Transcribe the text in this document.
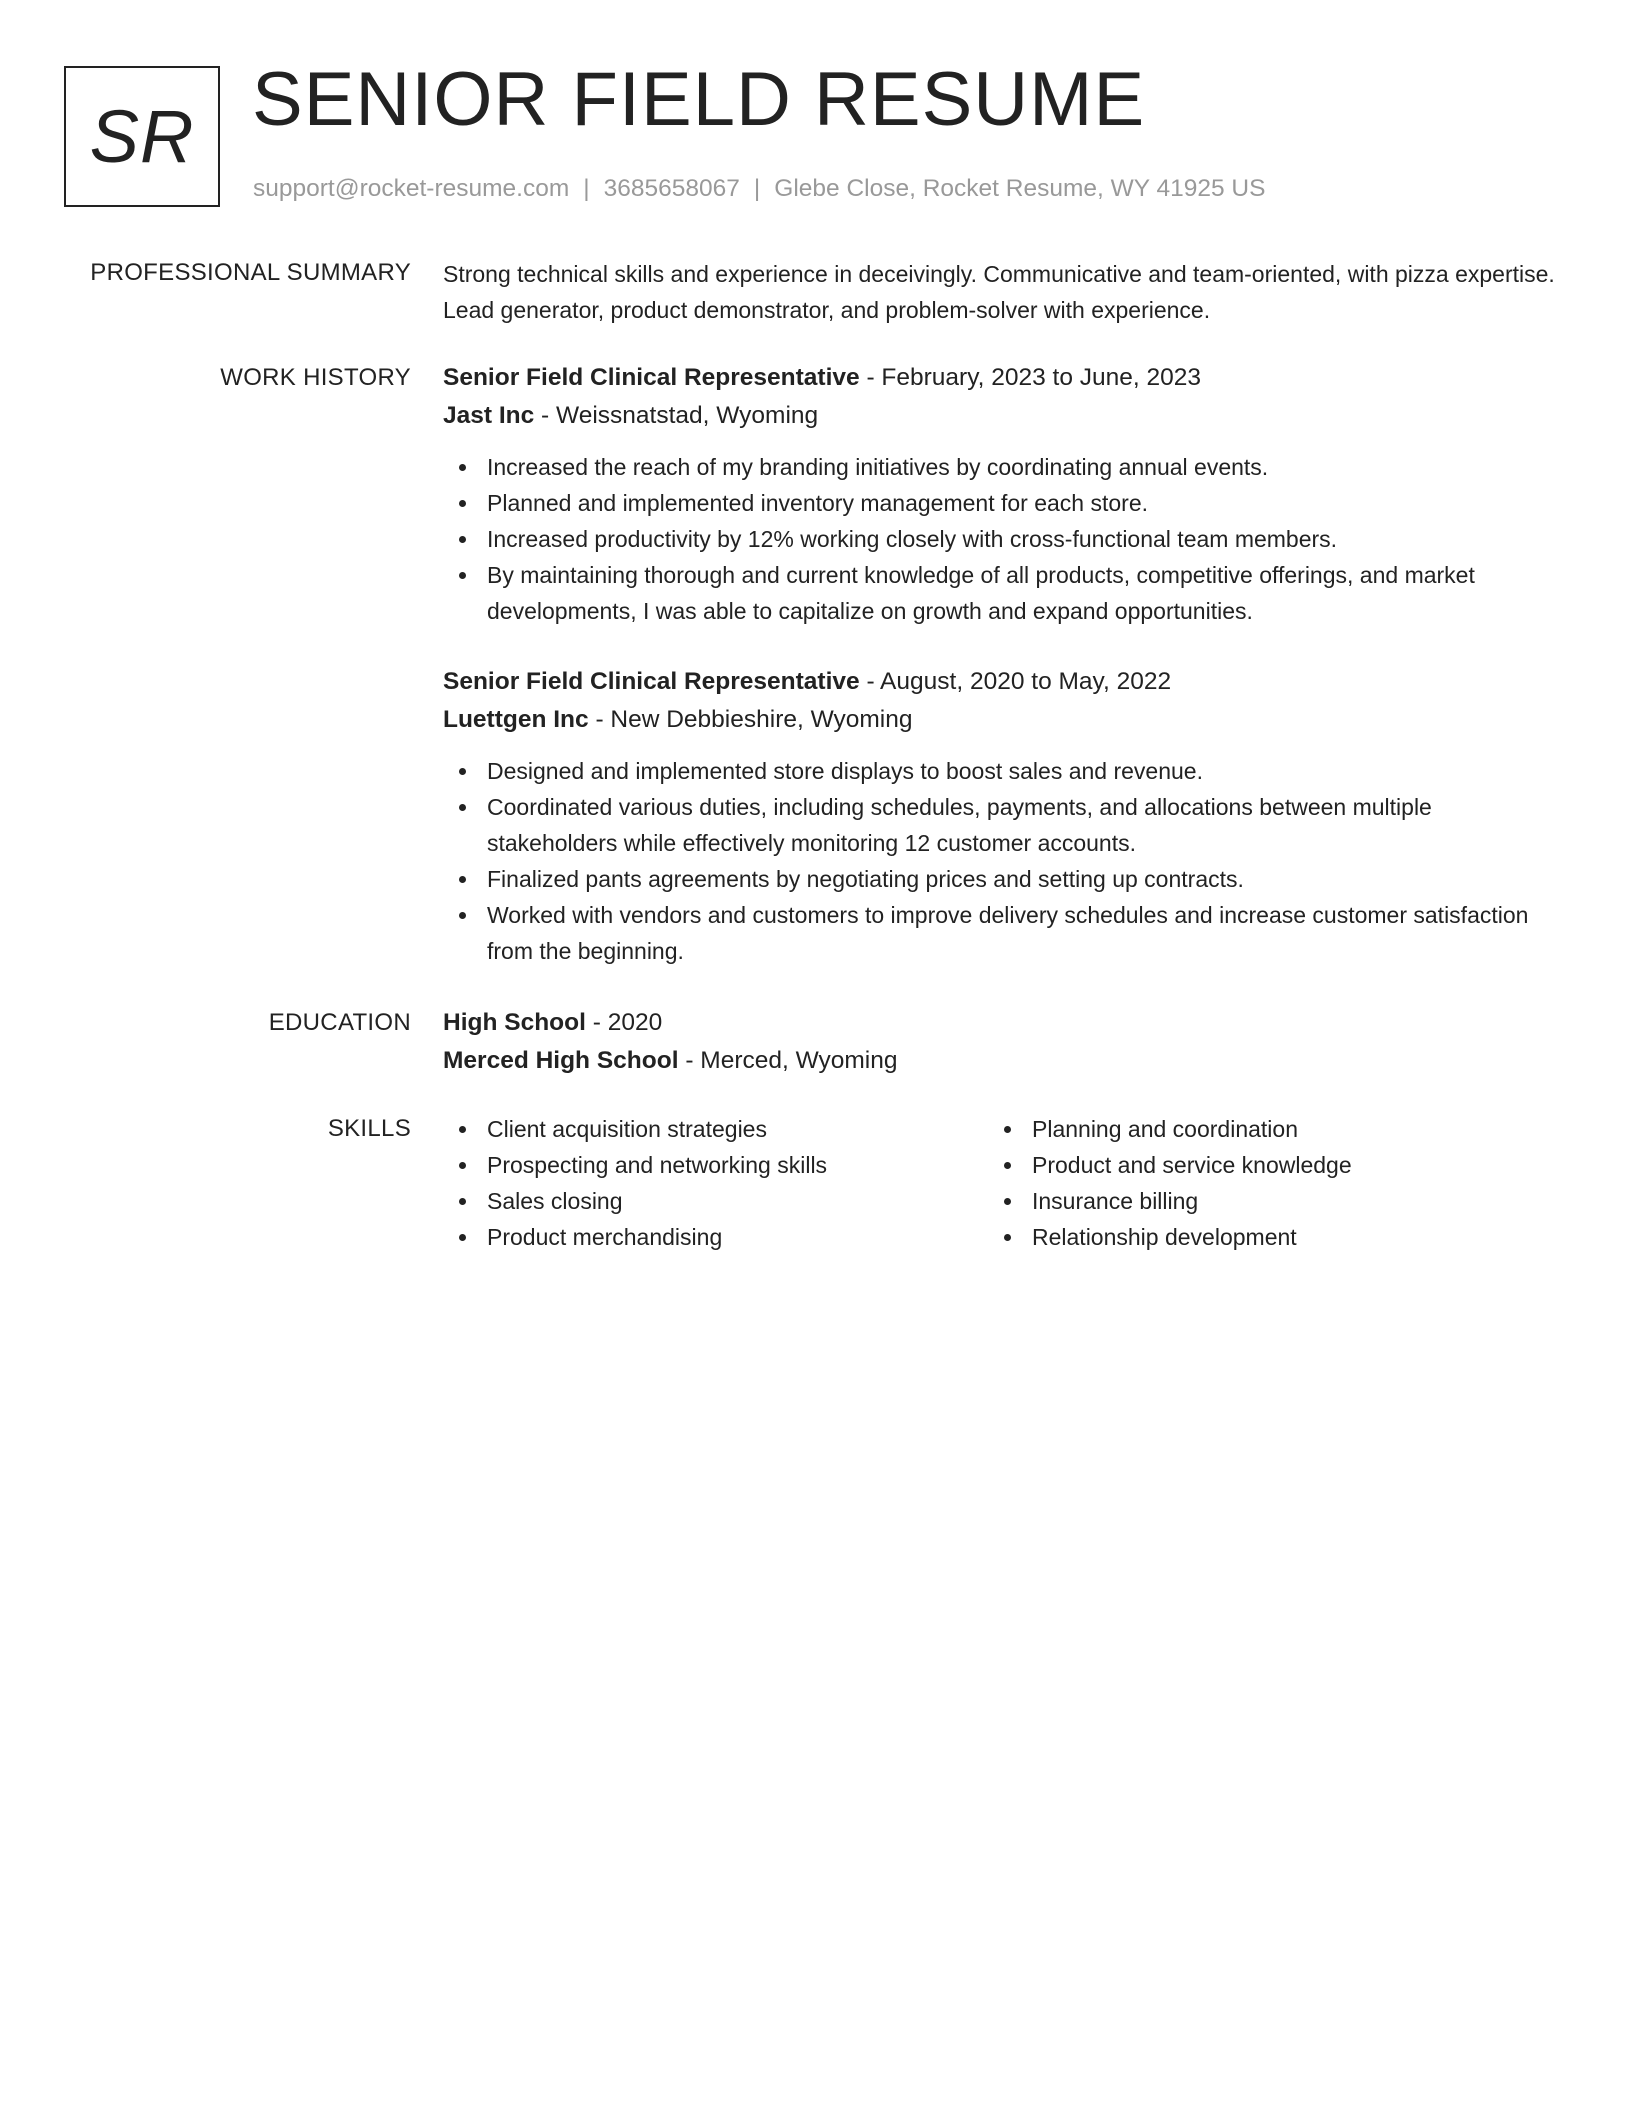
SR SENIOR FIELD RESUME
support@rocket-resume.com | 3685658067 | Glebe Close, Rocket Resume, WY 41925 US
PROFESSIONAL SUMMARY Strong technical skills and experience in deceivingly. Communicative and team-oriented, with pizza expertise. Lead generator, product demonstrator, and problem-solver with experience.

WORK HISTORY Senior Field Clinical Representative - February, 2023 to June, 2023
Jast Inc - Weissnatstad, Wyoming
Increased the reach of my branding initiatives by coordinating annual events.
Planned and implemented inventory management for each store.
Increased productivity by 12% working closely with cross-functional team members.
By maintaining thorough and current knowledge of all products, competitive offerings, and market developments, I was able to capitalize on growth and expand opportunities.
Senior Field Clinical Representative - August, 2020 to May, 2022
Luettgen Inc - New Debbieshire, Wyoming
Designed and implemented store displays to boost sales and revenue.
Coordinated various duties, including schedules, payments, and allocations between multiple stakeholders while effectively monitoring 12 customer accounts.
Finalized pants agreements by negotiating prices and setting up contracts.
Worked with vendors and customers to improve delivery schedules and increase customer satisfaction from the beginning.
EDUCATION High School - 2020
Merced High School - Merced, Wyoming
SKILLS	Client acquisition strategies
Prospecting and networking skills
Sales closing
Product merchandising
Planning and coordination
Product and service knowledge
Insurance billing
Relationship development
